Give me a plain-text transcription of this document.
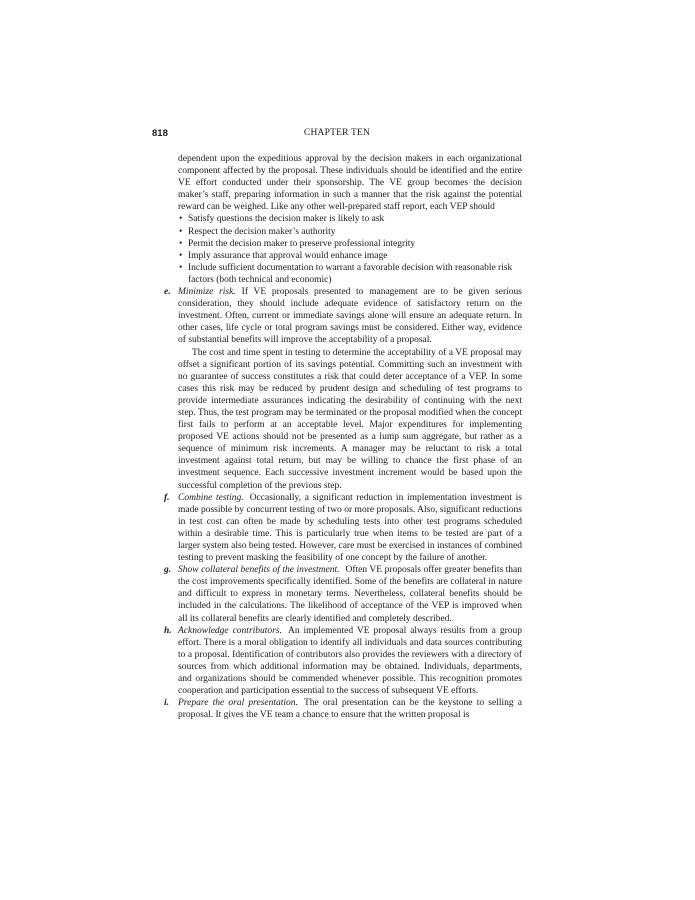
818	CHAPTER TEN

dependent upon the expeditious approval by the decision makers in each organizational component affected by the proposal. These individuals should be identified and the entire VE effort conducted under their sponsorship. The VE group becomes the decision maker’s staff, preparing information in such a manner that the risk against the potential reward can be weighed. Like any other well-prepared staff report, each VEP should

• Satisfy questions the decision maker is likely to ask
• Respect the decision maker’s authority
• Permit the decision maker to preserve professional integrity
• Imply assurance that approval would enhance image
• Include sufficient documentation to warrant a favorable decision with reasonable risk factors (both technical and economic)

e. Minimize risk. If VE proposals presented to management are to be given serious consideration, they should include adequate evidence of satisfactory return on the investment. Often, current or immediate savings alone will ensure an adequate return. In other cases, life cycle or total program savings must be considered. Either way, evidence of substantial benefits will improve the acceptability of a proposal.

The cost and time spent in testing to determine the acceptability of a VE proposal may offset a significant portion of its savings potential. Committing such an investment with no guarantee of success constitutes a risk that could deter acceptance of a VEP. In some cases this risk may be reduced by prudent design and scheduling of test programs to provide intermediate assurances indicating the desirability of continuing with the next step. Thus, the test program may be terminated or the proposal modified when the concept first fails to perform at an acceptable level. Major expenditures for implementing proposed VE actions should not be presented as a lump sum aggregate, but rather as a sequence of minimum risk increments. A manager may be reluctant to risk a total investment against total return, but may be willing to chance the first phase of an investment sequence. Each successive investment increment would be based upon the successful completion of the previous step.

f. Combine testing. Occasionally, a significant reduction in implementation investment is made possible by concurrent testing of two or more proposals. Also, significant reductions in test cost can often be made by scheduling tests into other test programs scheduled within a desirable time. This is particularly true when items to be tested are part of a larger system also being tested. However, care must be exercised in instances of combined testing to prevent masking the feasibility of one concept by the failure of another.

g. Show collateral benefits of the investment. Often VE proposals offer greater benefits than the cost improvements specifically identified. Some of the benefits are collateral in nature and difficult to express in monetary terms. Nevertheless, collateral benefits should be included in the calculations. The likelihood of acceptance of the VEP is improved when all its collateral benefits are clearly identified and completely described.

h. Acknowledge contributors. An implemented VE proposal always results from a group effort. There is a moral obligation to identify all individuals and data sources contributing to a proposal. Identification of contributors also provides the reviewers with a directory of sources from which additional information may be obtained. Individuals, departments, and organizations should be commended whenever possible. This recognition promotes cooperation and participation essential to the success of subsequent VE efforts.

i. Prepare the oral presentation. The oral presentation can be the keystone to selling a proposal. It gives the VE team a chance to ensure that the written proposal is
